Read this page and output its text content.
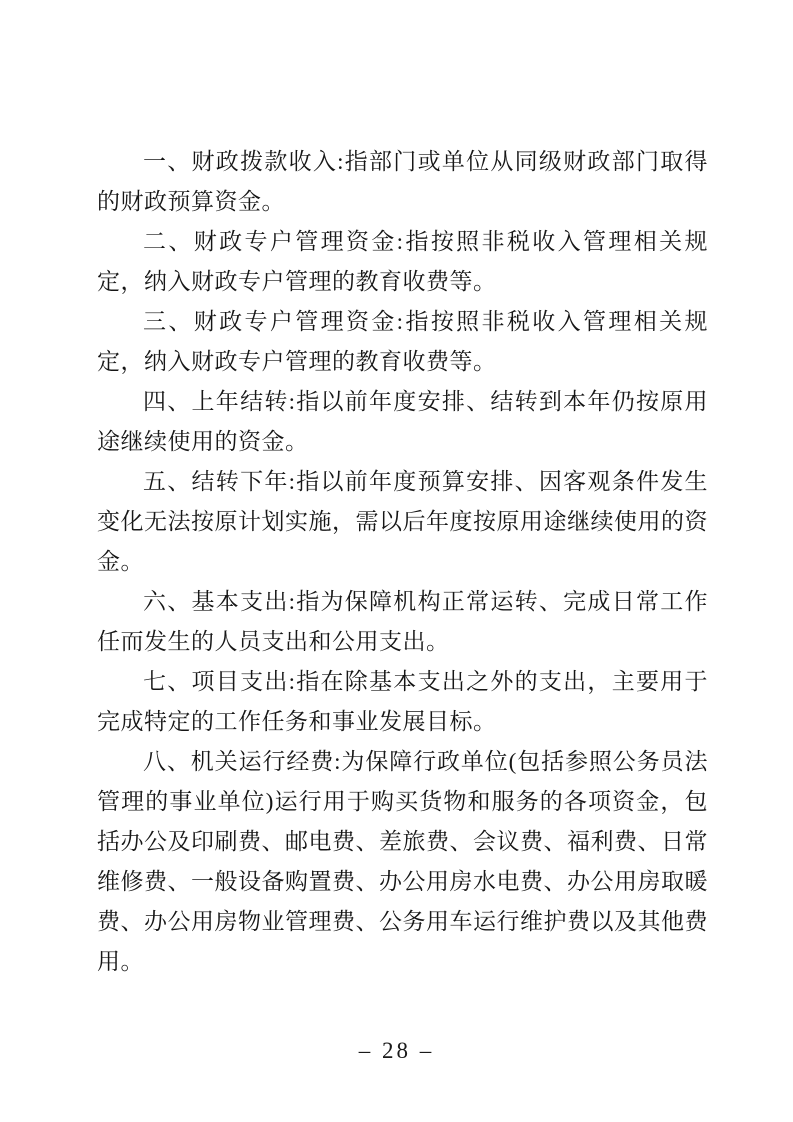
一、财政拨款收入:指部门或单位从同级财政部门取得的财政预算资金。

二、财政专户管理资金:指按照非税收入管理相关规定，纳入财政专户管理的教育收费等。

三、财政专户管理资金:指按照非税收入管理相关规定，纳入财政专户管理的教育收费等。

四、上年结转:指以前年度安排、结转到本年仍按原用途继续使用的资金。

五、结转下年:指以前年度预算安排、因客观条件发生变化无法按原计划实施，需以后年度按原用途继续使用的资金。

六、基本支出:指为保障机构正常运转、完成日常工作任而发生的人员支出和公用支出。

七、项目支出:指在除基本支出之外的支出，主要用于完成特定的工作任务和事业发展目标。

八、机关运行经费:为保障行政单位(包括参照公务员法管理的事业单位)运行用于购买货物和服务的各项资金，包括办公及印刷费、邮电费、差旅费、会议费、福利费、日常维修费、一般设备购置费、办公用房水电费、办公用房取暖费、办公用房物业管理费、公务用车运行维护费以及其他费用。

– 28 –
